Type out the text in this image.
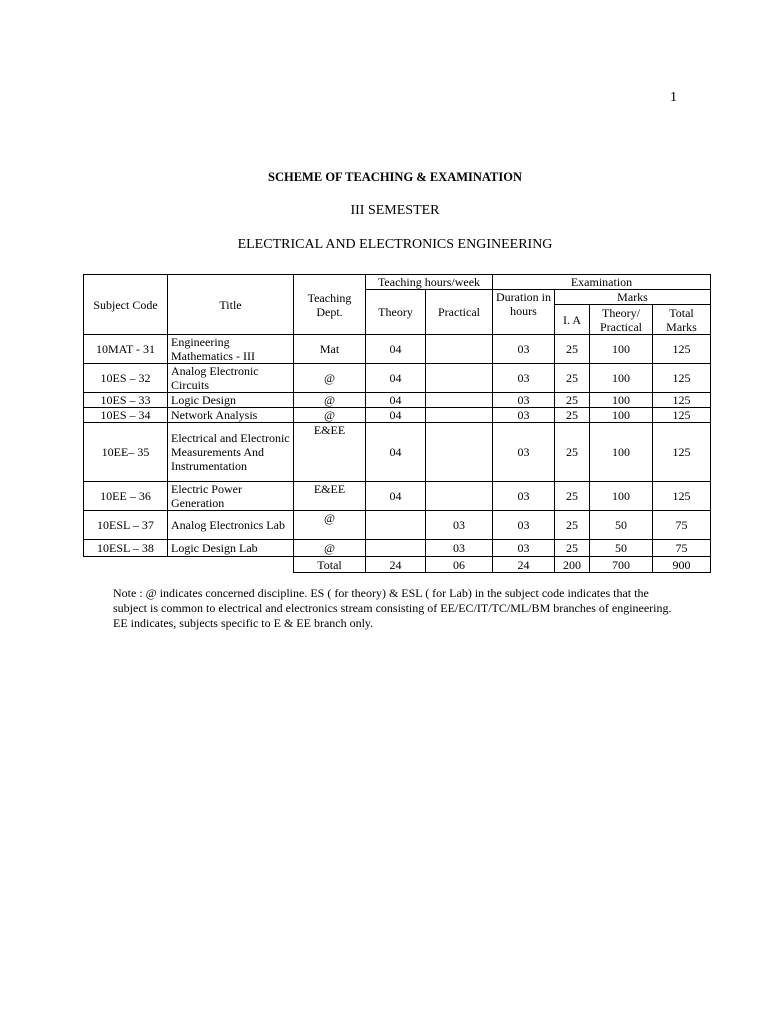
1
SCHEME OF TEACHING & EXAMINATION
III SEMESTER
ELECTRICAL AND ELECTRONICS ENGINEERING
Subject Code	Title	Teaching Dept.	Teaching hours/week		Examination			
			Theory	Practical	Duration in hours	Marks		
						I. A	Theory/ Practical	Total Marks
10MAT - 31	Engineering Mathematics - III	Mat	04		03	25	100	125
10ES – 32	Analog Electronic Circuits	@	04		03	25	100	125
10ES – 33	Logic Design	@	04		03	25	100	125
10ES – 34	Network Analysis	@	04		03	25	100	125
10EE– 35	Electrical and Electronic Measurements And Instrumentation	E&EE	04		03	25	100	125
10EE – 36	Electric Power Generation	E&EE	04		03	25	100	125
10ESL – 37	Analog Electronics Lab	@		03	03	25	50	75
10ESL – 38	Logic Design Lab	@		03	03	25	50	75
		Total	24	06	24	200	700	900
Note : @ indicates concerned discipline. ES ( for theory) & ESL ( for Lab) in the subject code indicates that the subject is common to electrical and electronics stream consisting of EE/EC/IT/TC/ML/BM branches of engineering. EE indicates, subjects specific to E & EE branch only.
